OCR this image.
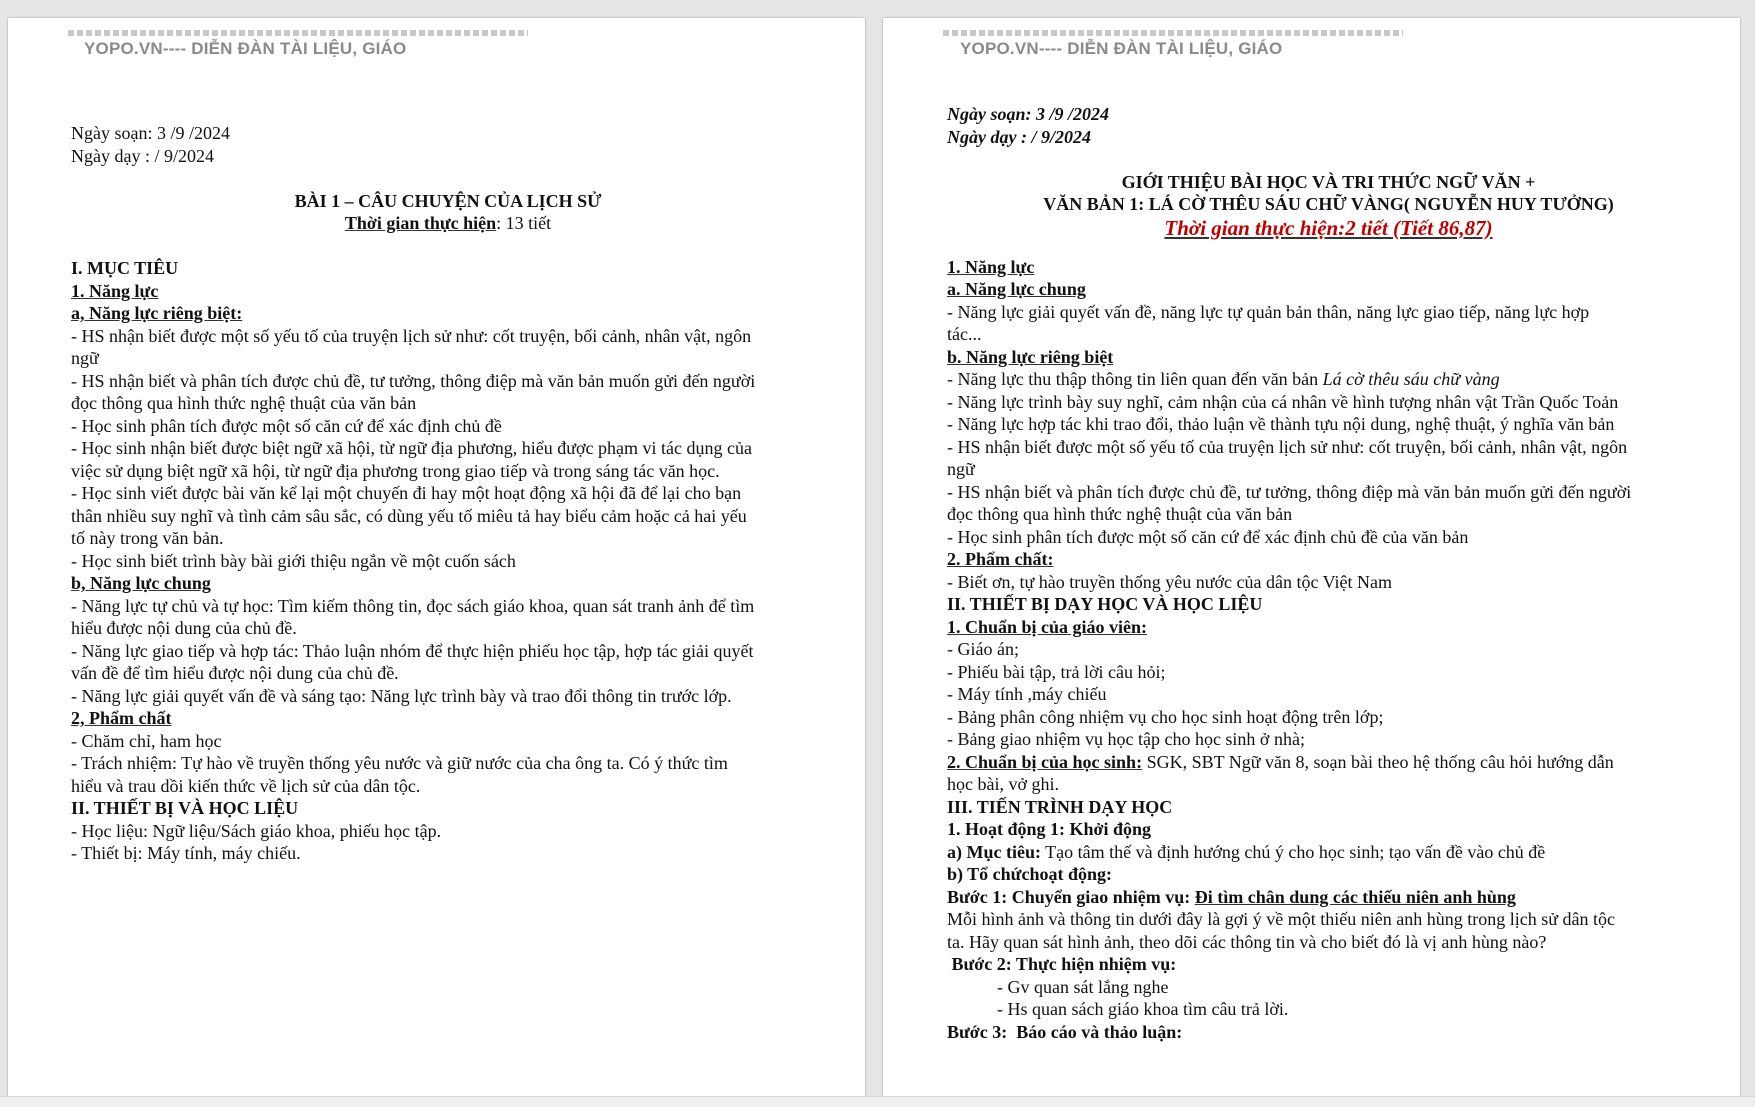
YOPO.VN---- DIỄN ĐÀN TÀI LIỆU, GIÁO

Ngày soạn: 3 /9 /2024

Ngày dạy : / 9/2024

BÀI 1 – CÂU CHUYỆN CỦA LỊCH SỬ

Thời gian thực hiện: 13 tiết

I. MỤC TIÊU

1. Năng lực

a, Năng lực riêng biệt:

- HS nhận biết được một số yếu tố của truyện lịch sử như: cốt truyện, bối cảnh, nhân vật, ngôn

ngữ

- HS nhận biết và phân tích được chủ đề, tư tưởng, thông điệp mà văn bản muốn gửi đến người

đọc thông qua hình thức nghệ thuật của văn bản

- Học sinh phân tích được một số căn cứ để xác định chủ đề

- Học sinh nhận biết được biệt ngữ xã hội, từ ngữ địa phương, hiểu được phạm vi tác dụng của

việc sử dụng biệt ngữ xã hội, từ ngữ địa phương trong giao tiếp và trong sáng tác văn học.

- Học sinh viết được bài văn kể lại một chuyến đi hay một hoạt động xã hội đã để lại cho bạn

thân nhiều suy nghĩ và tình cảm sâu sắc, có dùng yếu tố miêu tả hay biểu cảm hoặc cả hai yếu

tố này trong văn bản.

- Học sinh biết trình bày bài giới thiệu ngắn về một cuốn sách

b, Năng lực chung

- Năng lực tự chủ và tự học: Tìm kiếm thông tin, đọc sách giáo khoa, quan sát tranh ảnh để tìm

hiểu được nội dung của chủ đề.

- Năng lực giao tiếp và hợp tác: Thảo luận nhóm để thực hiện phiếu học tập, hợp tác giải quyết

vấn đề để tìm hiểu được nội dung của chủ đề.

- Năng lực giải quyết vấn đề và sáng tạo: Năng lực trình bày và trao đổi thông tin trước lớp.

2, Phẩm chất

- Chăm chỉ, ham học

- Trách nhiệm: Tự hào về truyền thống yêu nước và giữ nước của cha ông ta. Có ý thức tìm

hiểu và trau dồi kiến thức về lịch sử của dân tộc.

II. THIẾT BỊ VÀ HỌC LIỆU

- Học liệu: Ngữ liệu/Sách giáo khoa, phiếu học tập.

- Thiết bị: Máy tính, máy chiếu.

YOPO.VN---- DIỄN ĐÀN TÀI LIỆU, GIÁO

Ngày soạn: 3 /9 /2024

Ngày dạy : / 9/2024

GIỚI THIỆU BÀI HỌC VÀ TRI THỨC NGỮ VĂN +

VĂN BẢN 1: LÁ CỜ THÊU SÁU CHỮ VÀNG( NGUYỄN HUY TƯỞNG)

Thời gian thực hiện:2 tiết (Tiết 86,87)

1. Năng lực

a. Năng lực chung

- Năng lực giải quyết vấn đề, năng lực tự quản bản thân, năng lực giao tiếp, năng lực hợp

tác...

b. Năng lực riêng biệt

- Năng lực thu thập thông tin liên quan đến văn bản Lá cờ thêu sáu chữ vàng

- Năng lực trình bày suy nghĩ, cảm nhận của cá nhân về hình tượng nhân vật Trần Quốc Toản

- Năng lực hợp tác khi trao đổi, thảo luận về thành tựu nội dung, nghệ thuật, ý nghĩa văn bản

- HS nhận biết được một số yếu tố của truyện lịch sử như: cốt truyện, bối cảnh, nhân vật, ngôn

ngữ

- HS nhận biết và phân tích được chủ đề, tư tưởng, thông điệp mà văn bản muốn gửi đến người

đọc thông qua hình thức nghệ thuật của văn bản

- Học sinh phân tích được một số căn cứ để xác định chủ đề của văn bản

2. Phẩm chất:

- Biết ơn, tự hào truyền thống yêu nước của dân tộc Việt Nam

II. THIẾT BỊ DẠY HỌC VÀ HỌC LIỆU

1. Chuẩn bị của giáo viên:

- Giáo án;

- Phiếu bài tập, trả lời câu hỏi;

- Máy tính ,máy chiếu

- Bảng phân công nhiệm vụ cho học sinh hoạt động trên lớp;

- Bảng giao nhiệm vụ học tập cho học sinh ở nhà;

2. Chuẩn bị của học sinh: SGK, SBT Ngữ văn 8, soạn bài theo hệ thống câu hỏi hướng dẫn

học bài, vở ghi.

III. TIẾN TRÌNH DẠY HỌC

1. Hoạt động 1: Khởi động

a) Mục tiêu: Tạo tâm thế và định hướng chú ý cho học sinh; tạo vấn đề vào chủ đề

b) Tổ chứchoạt động:

Bước 1: Chuyển giao nhiệm vụ: Đi tìm chân dung các thiếu niên anh hùng

Mỗi hình ảnh và thông tin dưới đây là gợi ý về một thiếu niên anh hùng trong lịch sử dân tộc

ta. Hãy quan sát hình ảnh, theo dõi các thông tin và cho biết đó là vị anh hùng nào?

Bước 2: Thực hiện nhiệm vụ:

- Gv quan sát lắng nghe

- Hs quan sách giáo khoa tìm câu trả lời.

Bước 3:  Báo cáo và thảo luận:
